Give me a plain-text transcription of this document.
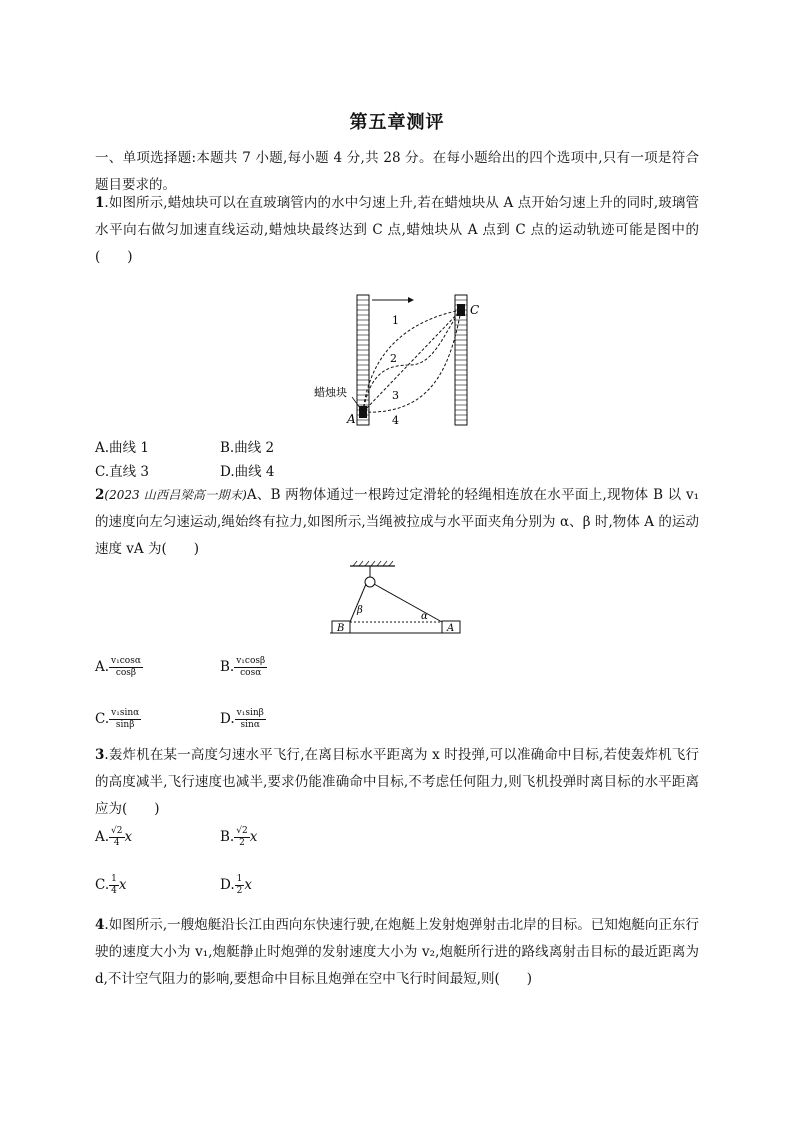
第五章测评
一、单项选择题:本题共 7 小题,每小题 4 分,共 28 分。在每小题给出的四个选项中,只有一项是符合题目要求的。
1.如图所示,蜡烛块可以在直玻璃管内的水中匀速上升,若在蜡烛块从 A 点开始匀速上升的同时,玻璃管水平向右做匀加速直线运动,蜡烛块最终达到 C 点,蜡烛块从 A 点到 C 点的运动轨迹可能是图中的(　　)
1
2
3
4
C
A
蜡烛块
A.曲线 1	B.曲线 2
C.直线 3	D.曲线 4
2(2023 山西吕梁高一期末)A、B 两物体通过一根跨过定滑轮的轻绳相连放在水平面上,现物体 B 以 v₁ 的速度向左匀速运动,绳始终有拉力,如图所示,当绳被拉成与水平面夹角分别为 α、β 时,物体 A 的运动速度 vA 为(　　)
B	A
β
α
A. $\frac{\text{v₁cosα}}{\cos\beta}$	B. $\frac{\text{v₁cosβ}}{\cos\alpha}$
C. $\frac{\text{v₁sinα}}{\sin\beta}$	D. $\frac{\text{v₁sinβ}}{\sin\alpha}$
3.轰炸机在某一高度匀速水平飞行,在离目标水平距离为 x 时投弹,可以准确命中目标,若使轰炸机飞行的高度减半,飞行速度也减半,要求仍能准确命中目标,不考虑任何阻力,则飞机投弹时离目标的水平距离应为(　　)
A. $\frac{√2}{4}$ x	B. $\frac{√2}{2}$ x
C. $\frac{1}{4}$ x	D. $\frac{1}{2}$ x
4.如图所示,一艘炮艇沿长江由西向东快速行驶,在炮艇上发射炮弹射击北岸的目标。已知炮艇向正东行驶的速度大小为 v₁,炮艇静止时炮弹的发射速度大小为 v₂,炮艇所行进的路线离射击目标的最近距离为 d,不计空气阻力的影响,要想命中目标且炮弹在空中飞行时间最短,则(　　)
